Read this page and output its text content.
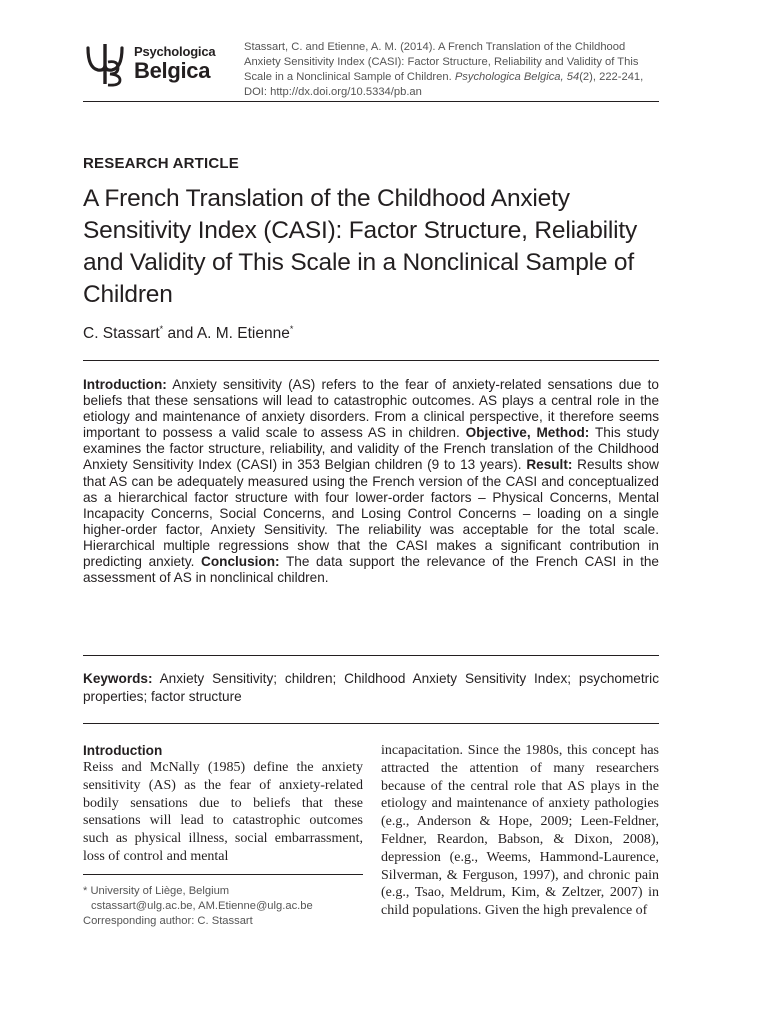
Psychologica
Belgica
Stassart, C. and Etienne, A. M. (2014). A French Translation of the Childhood Anxiety Sensitivity Index (CASI): Factor Structure, Reliability and Validity of This Scale in a Nonclinical Sample of Children. Psychologica Belgica, 54(2), 222-241, DOI: http://dx.doi.org/10.5334/pb.an
RESEARCH ARTICLE
A French Translation of the Childhood Anxiety Sensitivity Index (CASI): Factor Structure, Reliability and Validity of This Scale in a Nonclinical Sample of Children
C. Stassart* and A. M. Etienne*

Introduction: Anxiety sensitivity (AS) refers to the fear of anxiety-related sensations due to beliefs that these sensations will lead to catastrophic outcomes. AS plays a central role in the etiology and maintenance of anxiety disorders. From a clinical perspective, it therefore seems important to possess a valid scale to assess AS in children. Objective, Method: This study examines the factor structure, reliability, and validity of the French translation of the Childhood Anxiety Sensitivity Index (CASI) in 353 Belgian children (9 to 13 years). Result: Results show that AS can be adequately measured using the French version of the CASI and conceptualized as a hierarchical factor structure with four lower-order factors – Physical Concerns, Mental Incapacity Concerns, Social Concerns, and Losing Control Concerns – loading on a single higher-order factor, Anxiety Sensitivity. The reliability was acceptable for the total scale. Hierarchical multiple regressions show that the CASI makes a significant contribution in predicting anxiety. Conclusion: The data support the relevance of the French CASI in the assessment of AS in nonclinical children.

Keywords: Anxiety Sensitivity; children; Childhood Anxiety Sensitivity Index; psychometric properties; factor structure

Introduction

Reiss and McNally (1985) define the anxiety sensitivity (AS) as the fear of anxiety-related bodily sensations due to beliefs that these sensations will lead to catastrophic outcomes such as physical illness, social embarrassment, loss of control and mental

incapacitation. Since the 1980s, this concept has attracted the attention of many researchers because of the central role that AS plays in the etiology and maintenance of anxiety pathologies (e.g., Anderson & Hope, 2009; Leen-Feldner, Feldner, Reardon, Babson, & Dixon, 2008), depression (e.g., Weems, Hammond-Laurence, Silverman, & Ferguson, 1997), and chronic pain (e.g., Tsao, Meldrum, Kim, & Zeltzer, 2007) in child populations. Given the high prevalence of

* University of Liège, Belgium

cstassart@ulg.ac.be, AM.Etienne@ulg.ac.be

Corresponding author: C. Stassart
